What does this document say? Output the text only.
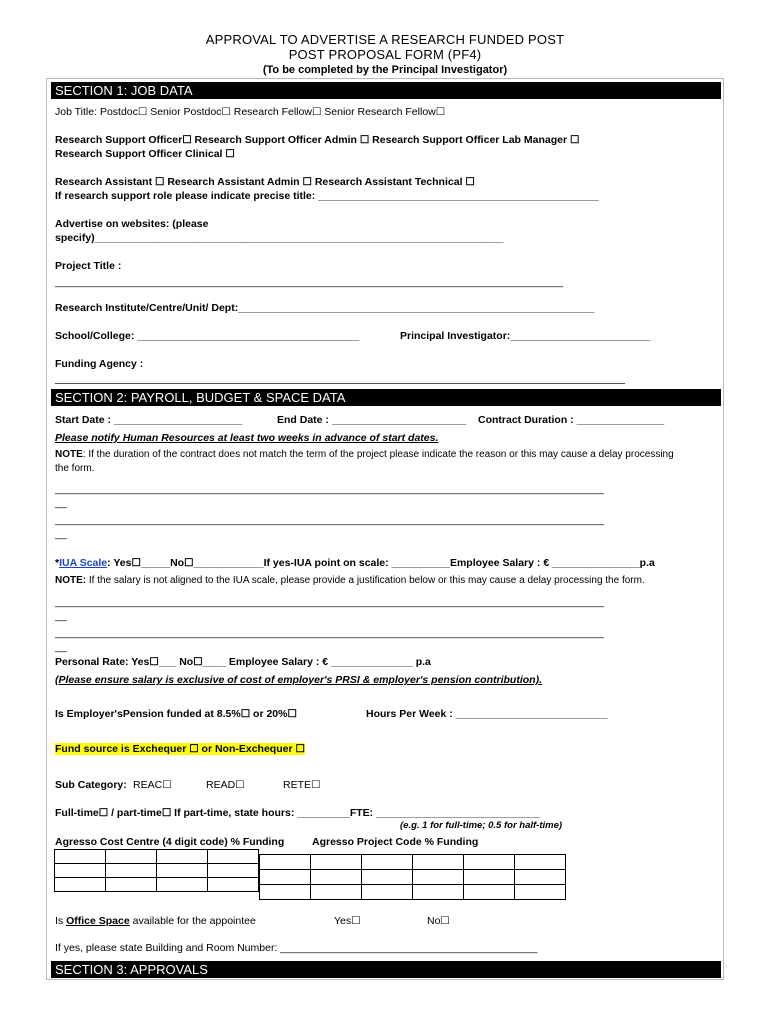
APPROVAL TO ADVERTISE A RESEARCH FUNDED POST
POST PROPOSAL FORM (PF4)
(To be completed by the Principal Investigator)
SECTION 1: JOB DATA
Job Title: Postdoc☐ Senior Postdoc☐ Research Fellow☐ Senior Research Fellow☐
Research Support Officer☐ Research Support Officer Admin ☐ Research Support Officer Lab Manager ☐
Research Support Officer Clinical ☐
Research Assistant ☐ Research Assistant Admin ☐ Research Assistant Technical ☐
If research support role please indicate precise title: ________________________________________________
Advertise on websites: (please
specify)______________________________________________________________________
Project Title :
_______________________________________________________________________________________
Research Institute/Centre/Unit/ Dept:_____________________________________________________________
School/College: ______________________________________	Principal Investigator:________________________
Funding Agency :
SECTION 2: PAYROLL, BUDGET & SPACE DATA
Start Date : ______________________	End Date : _______________________ Contract Duration : _______________
Please notify Human Resources at least two weeks in advance of start dates.
NOTE: If the duration of the contract does not match the term of the project please indicate the reason or this may cause a delay processing
the form.
______________________________________________________________________________________________
__
______________________________________________________________________________________________
__
*IUA Scale: Yes☐_____No☐____________If yes-IUA point on scale: __________Employee Salary : € _______________p.a
NOTE: If the salary is not aligned to the IUA scale, please provide a justification below or this may cause a delay processing the form.
______________________________________________________________________________________________
__
______________________________________________________________________________________________
__
Personal Rate: Yes☐___ No☐____ Employee Salary : € ______________ p.a
(Please ensure salary is exclusive of cost of employer's PRSI & employer's pension contribution).
Is Employer'sPension funded at 8.5%☐ or 20%☐	Hours Per Week : __________________________
Fund source is Exchequer ☐ or Non-Exchequer ☐
Sub Category: REAC☐	READ☐	RETE☐
Full-time☐ / part-time☐ If part-time, state hours: _________FTE: ____________________________
(e.g. 1 for full-time; 0.5 for half-time)
Agresso Cost Centre (4 digit code) % Funding	Agresso Project Code % Funding

Is Office Space available for the appointee	Yes☐	No☐
If yes, please state Building and Room Number: ____________________________________________
SECTION 3: APPROVALS
